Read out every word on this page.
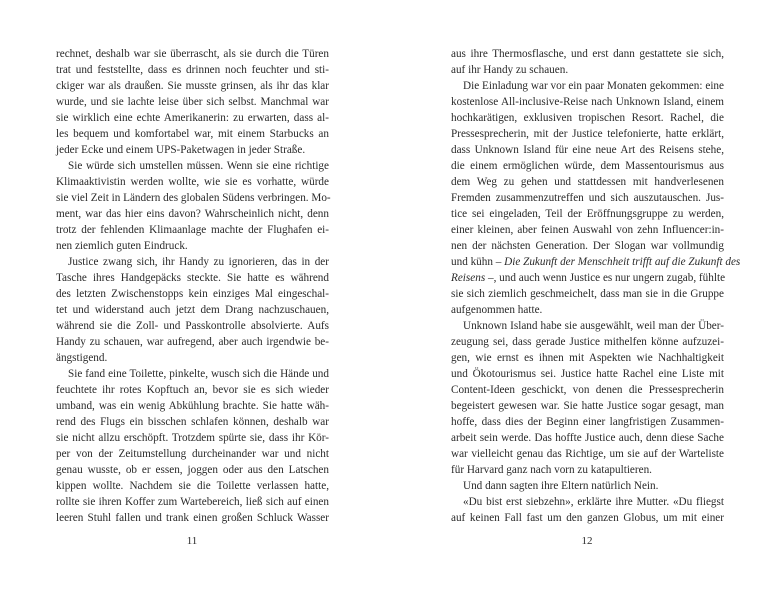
rechnet, deshalb war sie überrascht, als sie durch die Türen
trat und feststellte, dass es drinnen noch feuchter und sti-
ckiger war als draußen. Sie musste grinsen, als ihr das klar
wurde, und sie lachte leise über sich selbst. Manchmal war
sie wirklich eine echte Amerikanerin: zu erwarten, dass al-
les bequem und komfortabel war, mit einem Starbucks an
jeder Ecke und einem UPS-Paketwagen in jeder Straße.
Sie würde sich umstellen müssen. Wenn sie eine richtige
Klimaaktivistin werden wollte, wie sie es vorhatte, würde
sie viel Zeit in Ländern des globalen Südens verbringen. Mo-
ment, war das hier eins davon? Wahrscheinlich nicht, denn
trotz der fehlenden Klimaanlage machte der Flughafen ei-
nen ziemlich guten Eindruck.
Justice zwang sich, ihr Handy zu ignorieren, das in der
Tasche ihres Handgepäcks steckte. Sie hatte es während
des letzten Zwischenstopps kein einziges Mal eingeschal-
tet und widerstand auch jetzt dem Drang nachzuschauen,
während sie die Zoll- und Passkontrolle absolvierte. Aufs
Handy zu schauen, war aufregend, aber auch irgendwie be-
ängstigend.
Sie fand eine Toilette, pinkelte, wusch sich die Hände und
feuchtete ihr rotes Kopftuch an, bevor sie es sich wieder
umband, was ein wenig Abkühlung brachte. Sie hatte wäh-
rend des Flugs ein bisschen schlafen können, deshalb war
sie nicht allzu erschöpft. Trotzdem spürte sie, dass ihr Kör-
per von der Zeitumstellung durcheinander war und nicht
genau wusste, ob er essen, joggen oder aus den Latschen
kippen wollte. Nachdem sie die Toilette verlassen hatte,
rollte sie ihren Koffer zum Wartebereich, ließ sich auf einen
leeren Stuhl fallen und trank einen großen Schluck Wasser
11
aus ihre Thermosflasche, und erst dann gestattete sie sich,
auf ihr Handy zu schauen.
Die Einladung war vor ein paar Monaten gekommen: eine
kostenlose All-inclusive-Reise nach Unknown Island, einem
hochkarätigen, exklusiven tropischen Resort. Rachel, die
Pressesprecherin, mit der Justice telefonierte, hatte erklärt,
dass Unknown Island für eine neue Art des Reisens stehe,
die einem ermöglichen würde, dem Massentourismus aus
dem Weg zu gehen und stattdessen mit handverlesenen
Fremden zusammenzutreffen und sich auszutauschen. Jus-
tice sei eingeladen, Teil der Eröffnungsgruppe zu werden,
einer kleinen, aber feinen Auswahl von zehn Influencer:in-
nen der nächsten Generation. Der Slogan war vollmundig
und kühn – Die Zukunft der Menschheit trifft auf die Zukunft des
Reisens –, und auch wenn Justice es nur ungern zugab, fühlte
sie sich ziemlich geschmeichelt, dass man sie in die Gruppe
aufgenommen hatte.
Unknown Island habe sie ausgewählt, weil man der Über-
zeugung sei, dass gerade Justice mithelfen könne aufzuzei-
gen, wie ernst es ihnen mit Aspekten wie Nachhaltigkeit
und Ökotourismus sei. Justice hatte Rachel eine Liste mit
Content-Ideen geschickt, von denen die Pressesprecherin
begeistert gewesen war. Sie hatte Justice sogar gesagt, man
hoffe, dass dies der Beginn einer langfristigen Zusammen-
arbeit sein werde. Das hoffte Justice auch, denn diese Sache
war vielleicht genau das Richtige, um sie auf der Warteliste
für Harvard ganz nach vorn zu katapultieren.
Und dann sagten ihre Eltern natürlich Nein.
«Du bist erst siebzehn», erklärte ihre Mutter. «Du fliegst
auf keinen Fall fast um den ganzen Globus, um mit einer
12
